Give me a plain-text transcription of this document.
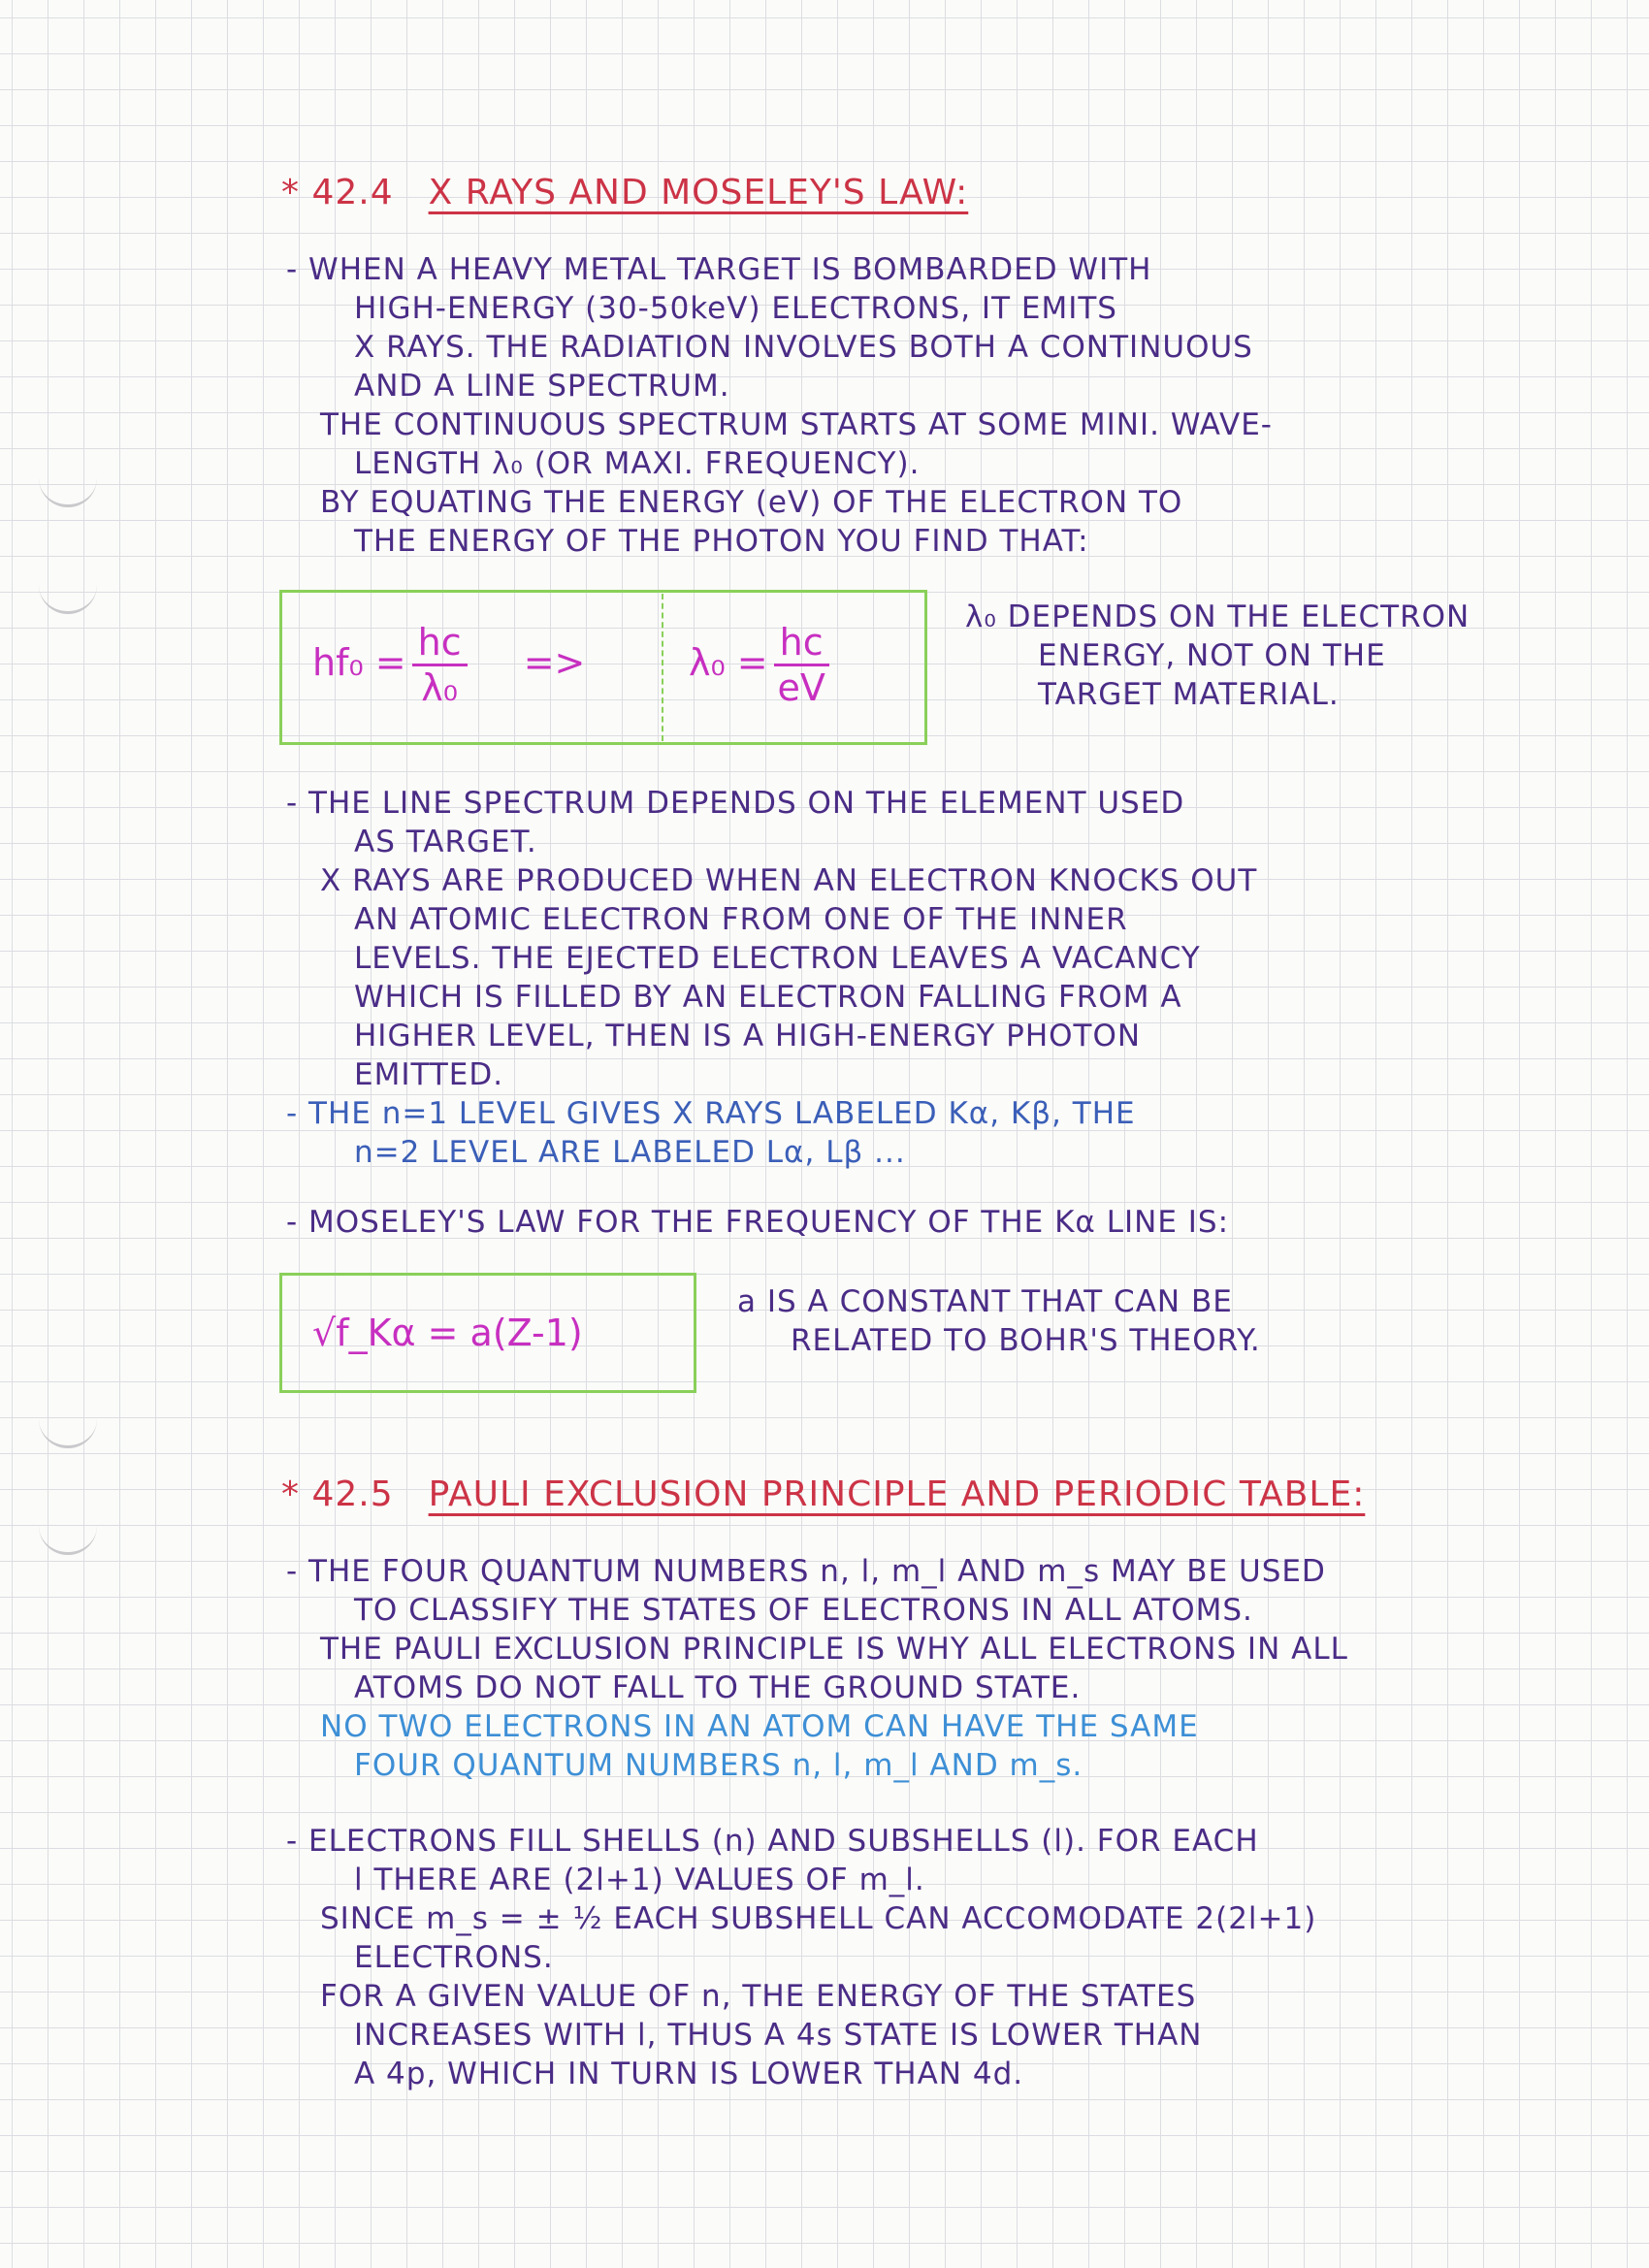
* 42.4 X RAYS AND MOSELEY'S LAW:
- WHEN A HEAVY METAL TARGET IS BOMBARDED WITH
HIGH-ENERGY (30-50keV) ELECTRONS, IT EMITS
X RAYS. THE RADIATION INVOLVES BOTH A CONTINUOUS
AND A LINE SPECTRUM.
THE CONTINUOUS SPECTRUM STARTS AT SOME MINI. WAVE-
LENGTH λ₀ (OR MAXI. FREQUENCY).
BY EQUATING THE ENERGY (eV) OF THE ELECTRON TO
THE ENERGY OF THE PHOTON YOU FIND THAT:
$hf_0 = \frac{hc}{\text{λ₀}}$ =>	$\lambda_0 = \frac{hc}{eV}$
λ₀ DEPENDS ON THE ELECTRON
ENERGY, NOT ON THE
TARGET MATERIAL.
- THE LINE SPECTRUM DEPENDS ON THE ELEMENT USED
AS TARGET.
X RAYS ARE PRODUCED WHEN AN ELECTRON KNOCKS OUT
AN ATOMIC ELECTRON FROM ONE OF THE INNER
LEVELS. THE EJECTED ELECTRON LEAVES A VACANCY
WHICH IS FILLED BY AN ELECTRON FALLING FROM A
HIGHER LEVEL, THEN IS A HIGH-ENERGY PHOTON
EMITTED.
- THE n=1 LEVEL GIVES X RAYS LABELED Kα, Kβ, THE
n=2 LEVEL ARE LABELED Lα, Lβ ...
- MOSELEY'S LAW FOR THE FREQUENCY OF THE Kα LINE IS:
√f_Kα = a(Z-1)
a IS A CONSTANT THAT CAN BE
RELATED TO BOHR'S THEORY.
* 42.5 PAULI EXCLUSION PRINCIPLE AND PERIODIC TABLE:
- THE FOUR QUANTUM NUMBERS n, l, m_l AND m_s MAY BE USED
TO CLASSIFY THE STATES OF ELECTRONS IN ALL ATOMS.
THE PAULI EXCLUSION PRINCIPLE IS WHY ALL ELECTRONS IN ALL
ATOMS DO NOT FALL TO THE GROUND STATE.
NO TWO ELECTRONS IN AN ATOM CAN HAVE THE SAME
FOUR QUANTUM NUMBERS n, l, m_l AND m_s.
- ELECTRONS FILL SHELLS (n) AND SUBSHELLS (l). FOR EACH
l THERE ARE (2l+1) VALUES OF m_l.
SINCE m_s = ± ½ EACH SUBSHELL CAN ACCOMODATE 2(2l+1)
ELECTRONS.
FOR A GIVEN VALUE OF n, THE ENERGY OF THE STATES
INCREASES WITH l, THUS A 4s STATE IS LOWER THAN
A 4p, WHICH IN TURN IS LOWER THAN 4d.
